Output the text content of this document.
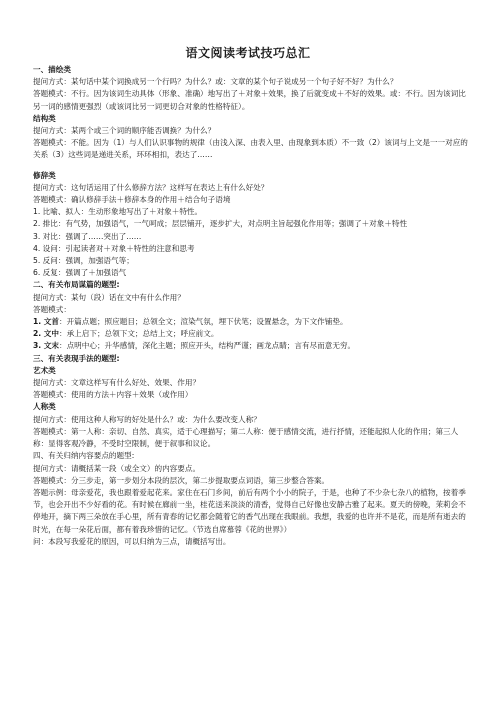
语文阅读考试技巧总汇
一、描绘类
提问方式：某句话中某个词换成另一个行吗？为什么？或：文章的某个句子说成另一个句子好不好？为什么？
答题模式：不行。因为该词生动具体（形象、准确）地写出了＋对象＋效果，换了后就变成＋不好的效果。或：不行。因为该词比另一词的感情更强烈（或该词比另一词更切合对象的性格特征）。
结构类
提问方式：某两个或三个词的顺序能否调换？为什么？
答题模式：不能。因为（1）与人们认识事物的规律（由浅入深、由表入里、由现象到本质）不一致（2）该词与上文是一一对应的关系（3）这些词是递进关系，环环相扣，表达了……
修辞类
提问方式：这句话运用了什么修辞方法？这样写在表达上有什么好处？
答题模式：确认修辞手法＋修辞本身的作用＋结合句子语境
1. 比喻、拟人：生动形象地写出了＋对象＋特性。
2. 排比：有气势，加强语气，一气呵成；层层铺开，逐步扩大，对点明主旨起强化作用等；强调了＋对象＋特性
3. 对比：强调了……突出了……
4. 设问：引起读者对＋对象＋特性的注意和思考
5. 反问：强调，加强语气等；
6. 反复：强调了＋加强语气
二、有关布局谋篇的题型:
提问方式：某句（段）话在文中有什么作用？
答题模式：
1. 文首：开篇点题；照应题目；总领全文；渲染气氛，埋下伏笔；设置悬念，为下文作铺垫。
2. 文中：承上启下；总领下文；总结上文；呼应前文。
3. 文末：点明中心；升华感情，深化主题；照应开头，结构严谨；画龙点睛；言有尽而意无穷。
三、有关表现手法的题型:
艺术类
提问方式：文章这样写有什么好处、效果、作用？
答题模式：使用的方法＋内容＋效果（或作用）
人称类
提问方式：使用这种人称写的好处是什么？或：为什么要改变人称？
答题模式：第一人称：亲切、自然、真实，适于心理描写；第二人称：便于感情交流，进行抒情，还能起拟人化的作用；第三人称：显得客观冷静，不受时空限制，便于叙事和议论。
四、有关归纳内容要点的题型:
提问方式：请概括某一段（或全文）的内容要点。
答题模式：分三步走，第一步划分本段的层次，第二步提取要点词语，第三步整合答案。
答题示例：母亲爱花，我也跟着爱起花来。家住在石门乡间，前后有两个小小的院子，于是，也种了不少杂七杂八的植物，按着季节，也会开出不少好看的花。有时候在廊前一坐，桂花送来淡淡的清香，觉得自己好像也安静古雅了起来。夏天的傍晚，茉莉会不停地开，摘下两三朵放在手心里，所有青春的记忆都会随着它的香气出现在我眼前。我想，我爱的也许并不是花，而是所有逝去的时光，在每一朵花后面，都有着我珍惜的记忆。（节选自席慕蓉《花的世界》）
问：本段写我爱花的原因，可以归纳为三点，请概括写出。
